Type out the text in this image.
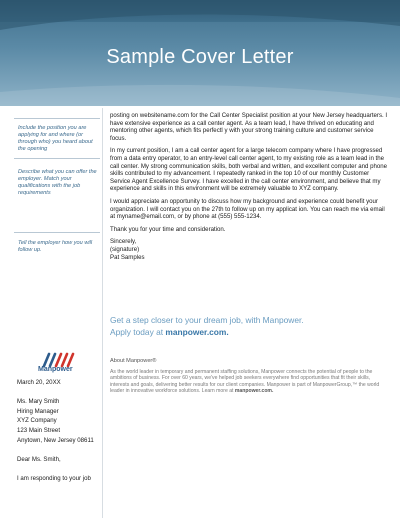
Sample Cover Letter
Include the position you are applying for and where (or through who) you heard about the opening
Describe what you can offer the employer. Match your qualifications with the job requirements
Tell the employer how you will follow up.

posting on websitename.com for the Call Center Specialist position at your New Jersey headquarters. I have extensive experience as a call center agent. As a team lead, I have thrived on educating and mentoring other agents, which fits perfectl y with your strong training culture and customer service focus.

In my current position, I am a call center agent for a large telecom company where I have progressed from a data entry operator, to an entry-level call center agent, to my existing role as a team lead in the call center. My strong communication skills, both verbal and written, and excellent computer and phone skills contributed to my advancement. I repeatedly ranked in the top 10 of our monthly Customer Service Agent Excellence Survey. I have excelled in the call center environment, and believe that my experience and skills in this environment will be extremely valuable to XYZ company.

I would appreciate an opportunity to discuss how my background and experience could benefit your organization. I will contact you on the 27th to follow up on my applicat ion. You can reach me via email at myname@email.com, or by phone at (555) 555-1234.

Thank you for your time and consideration.

Sincerely,
(signature)
Pat Samples
Get a step closer to your dream job, with Manpower.
Apply today at manpower.com.
About Manpower®
As the world leader in temporary and permanent staffing solutions, Manpower connects the potential of people to the ambitions of business. For over 60 years, we've helped job seekers everywhere find opportunities that fit their skills, interests and goals, delivering better results for our client companies. Manpower is part of ManpowerGroup,™ the world leader in innovative workforce solutions. Learn more at manpower.com.
Manpower

March 20, 20XX

Ms. Mary Smith

Hiring Manager

XYZ Company

123 Main Street

Anytown, New Jersey 08611

Dear Ms. Smith,

I am responding to your job
